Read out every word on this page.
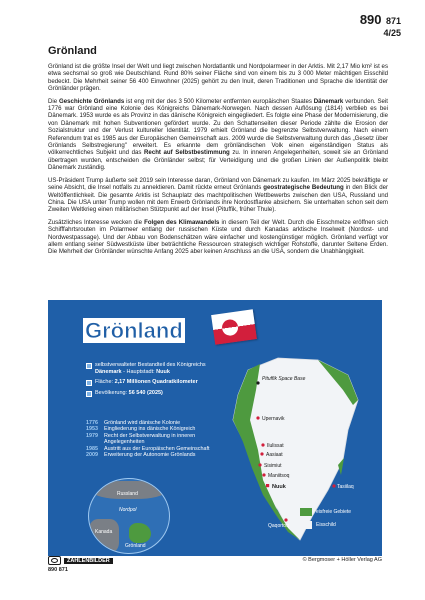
890 871
4/25
Grönland

Grönland ist die größte Insel der Welt und liegt zwischen Nordatlantik und Nordpolarmeer in der Arktis. Mit 2,17 Mio km² ist es etwa sechsmal so groß wie Deutschland. Rund 80% seiner Fläche sind von einem bis zu 3 000 Meter mächtigen Eisschild bedeckt. Die Mehrheit seiner 56 400 Einwohner (2025) gehört zu den Inuit, deren Traditionen und Sprache die Identität der Grönländer prägen.

Die Geschichte Grönlands ist eng mit der des 3 500 Kilometer entfernten europäischen Staates Dänemark verbunden. Seit 1776 war Grönland eine Kolonie des Königreichs Dänemark-Norwegen. Nach dessen Auflösung (1814) verblieb es bei Dänemark. 1953 wurde es als Provinz in das dänische Königreich eingegliedert. Es folgte eine Phase der Modernisierung, die von Dänemark mit hohen Subventionen gefördert wurde. Zu den Schattenseiten dieser Periode zählte die Erosion der Sozialstruktur und der Verlust kultureller Identität. 1979 erhielt Grönland die begrenzte Selbstverwaltung. Nach einem Referendum trat es 1985 aus der Europäischen Gemeinschaft aus. 2009 wurde die Selbstverwaltung durch das „Gesetz über Grönlands Selbstregierung" erweitert. Es erkannte dem grönländischen Volk einen eigenständigen Status als völkerrechtliches Subjekt und das Recht auf Selbstbestimmung zu. In inneren Angelegenheiten, soweit sie an Grönland übertragen wurden, entscheiden die Grönländer selbst; für Verteidigung und die großen Linien der Außenpolitik bleibt Dänemark zuständig.

US-Präsident Trump äußerte seit 2019 sein Interesse daran, Grönland von Dänemark zu kaufen. Im März 2025 bekräftigte er seine Absicht, die Insel notfalls zu annektieren. Damit rückte erneut Grönlands geostrategische Bedeutung in den Blick der Weltöffentlichkeit. Die gesamte Arktis ist Schauplatz des machtpolitischen Wettbewerbs zwischen den USA, Russland und China. Die USA unter Trump wollen mit dem Erwerb Grönlands ihre Nordostflanke absichern. Sie unterhalten schon seit dem Zweiten Weltkrieg einen militärischen Stützpunkt auf der Insel (Pituffik, früher Thule).

Zusätzliches Interesse wecken die Folgen des Klimawandels in diesem Teil der Welt. Durch die Eisschmelze eröffnen sich Schifffahrtsrouten im Polarmeer entlang der russischen Küste und durch Kanadas arktische Inselwelt (Nordost- und Nordwestpassage). Und der Abbau von Bodenschätzen wäre einfacher und kostengünstiger möglich. Grönland verfügt vor allem entlang seiner Südwestküste über beträchtliche Ressourcen strategisch wichtiger Rohstoffe, darunter Seltene Erden. Die Mehrheit der Grönländer wünschte Anfang 2025 aber keinen Anschluss an die USA, sondern die Unabhängigkeit.

Grönland
selbstverwalteter Bestandteil des Königreichs Dänemark - Hauptstadt: Nuuk
Fläche: 2,17 Millionen Quadratkilometer
Bevölkerung: 56 540 (2025)
1776	Grönland wird dänische Kolonie
1953	Eingliederung ins dänische Königreich
1979	Recht der Selbstverwaltung in inneren Angelegenheiten
1985	Austritt aus der Europäischen Gemeinschaft
2009	Erweiterung der Autonomie Grönlands
Russland
Nordpol
Kanada
Grönland
Pituffik Space Base
Upernavik
Ilulissat
Aasiaat
Sisimiut
Maniitsoq
Nuuk	Tasiilaq
Qaqortoq
eisfreie Gebiete
Eisschild
ZAHLENBILDER	© Bergmoser + Höller Verlag AG
890 871
